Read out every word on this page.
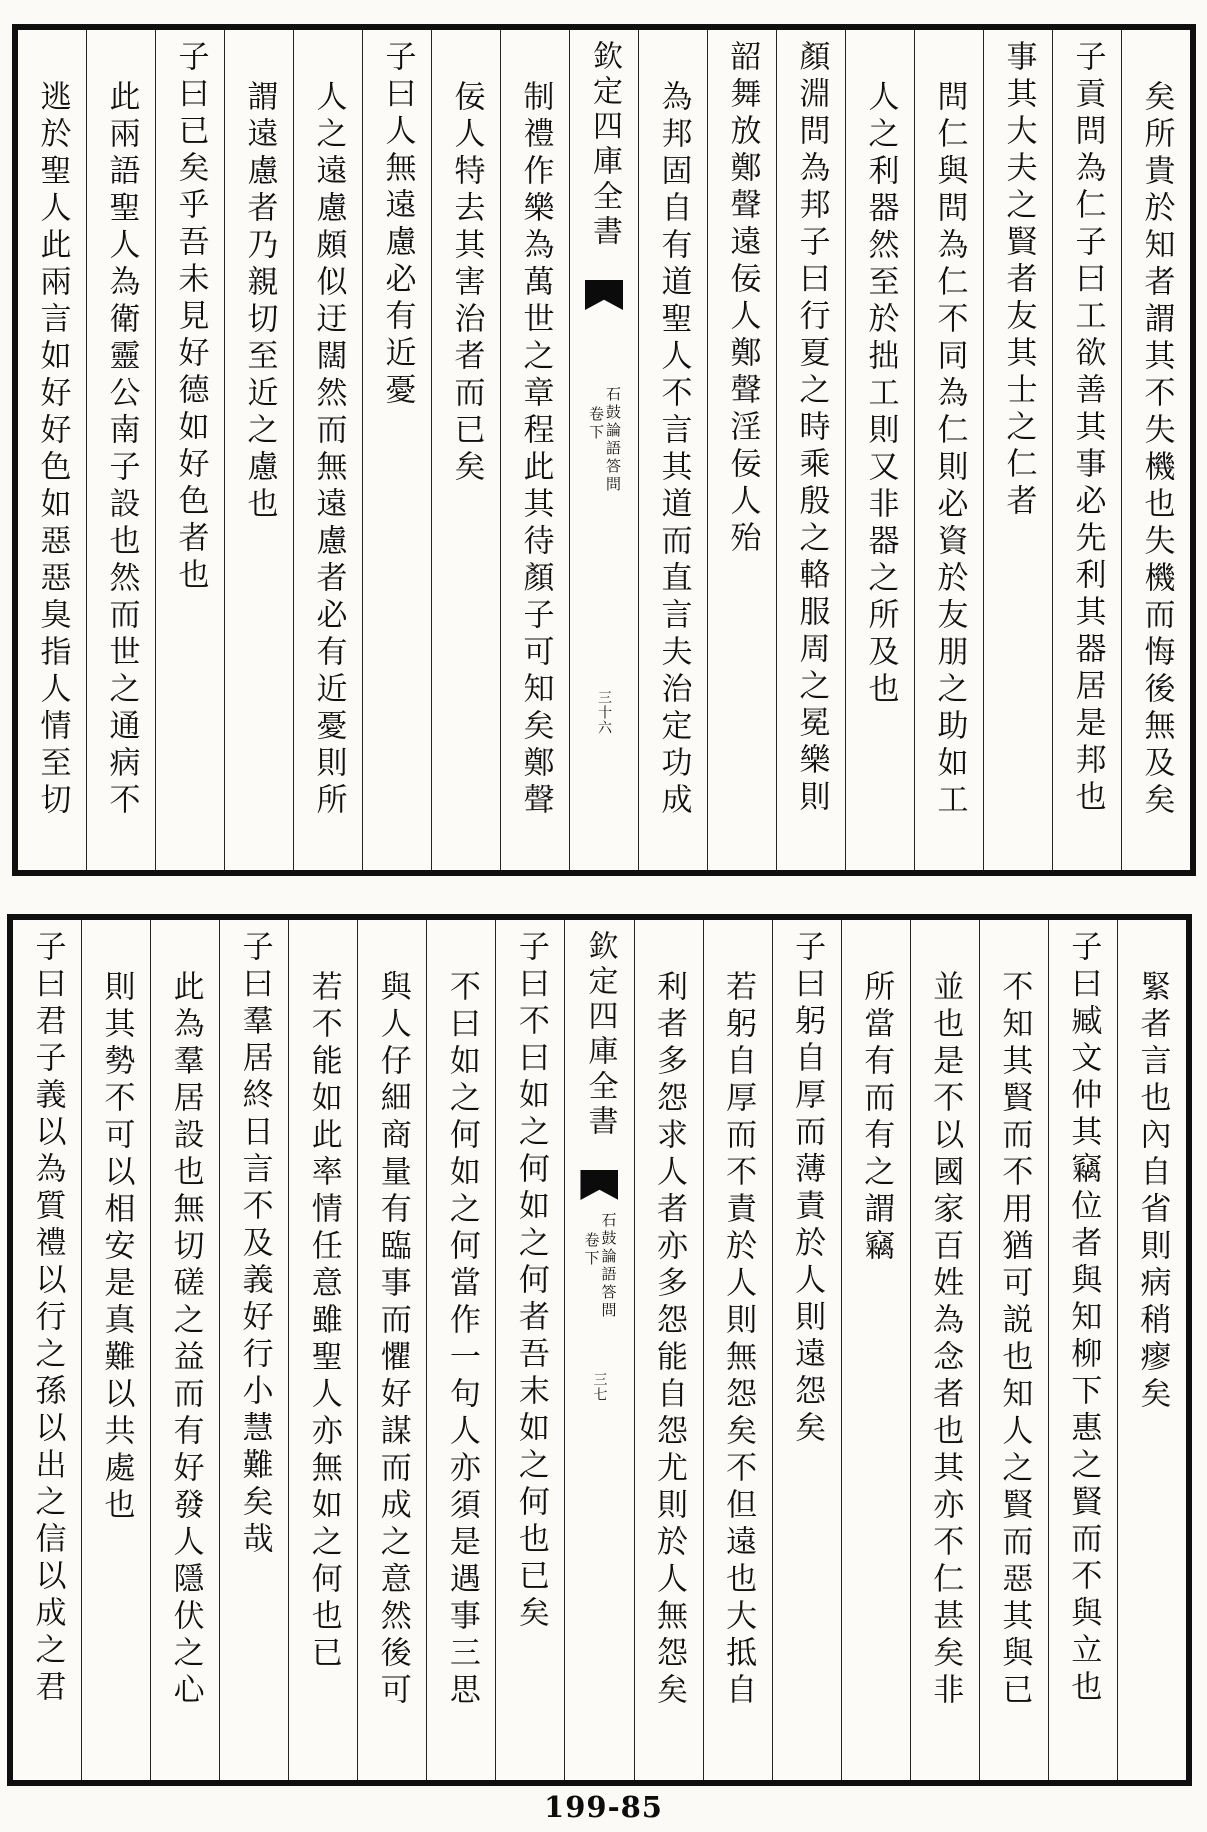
矣所貴於知者謂其不失機也失機而悔後無及矣
子貢問為仁子曰工欲善其事必先利其器居是邦也
事其大夫之賢者友其士之仁者
問仁與問為仁不同為仁則必資於友朋之助如工
人之利器然至於拙工則又非器之所及也
顏淵問為邦子曰行夏之時乘殷之輅服周之冕樂則
韶舞放鄭聲遠佞人鄭聲淫佞人殆
為邦固自有道聖人不言其道而直言夫治定功成
欽定四庫全書
卷下 石鼓論語答問
三十六
制禮作樂為萬世之章程此其待顏子可知矣鄭聲
佞人特去其害治者而已矣
子曰人無遠慮必有近憂
人之遠慮頗似迂闊然而無遠慮者必有近憂則所
謂遠慮者乃親切至近之慮也
子曰已矣乎吾未見好德如好色者也
此兩語聖人為衛靈公南子設也然而世之通病不
逃於聖人此兩言如好好色如惡惡臭指人情至切
緊者言也內自省則病稍瘳矣
子曰臧文仲其竊位者與知柳下惠之賢而不與立也
不知其賢而不用猶可説也知人之賢而惡其與已
並也是不以國家百姓為念者也其亦不仁甚矣非
所當有而有之謂竊
子曰躬自厚而薄責於人則遠怨矣
若躬自厚而不責於人則無怨矣不但遠也大抵自
利者多怨求人者亦多怨能自怨尤則於人無怨矣
欽定四庫全書
卷下 石鼓論語答問
三七
子曰不曰如之何如之何者吾末如之何也已矣
不曰如之何如之何當作一句人亦須是遇事三思
與人仔細商量有臨事而懼好謀而成之意然後可
若不能如此率情任意雖聖人亦無如之何也已
子曰羣居終日言不及義好行小慧難矣哉
此為羣居設也無切磋之益而有好發人隱伏之心
則其勢不可以相安是真難以共處也
子曰君子義以為質禮以行之孫以出之信以成之君
199-85
